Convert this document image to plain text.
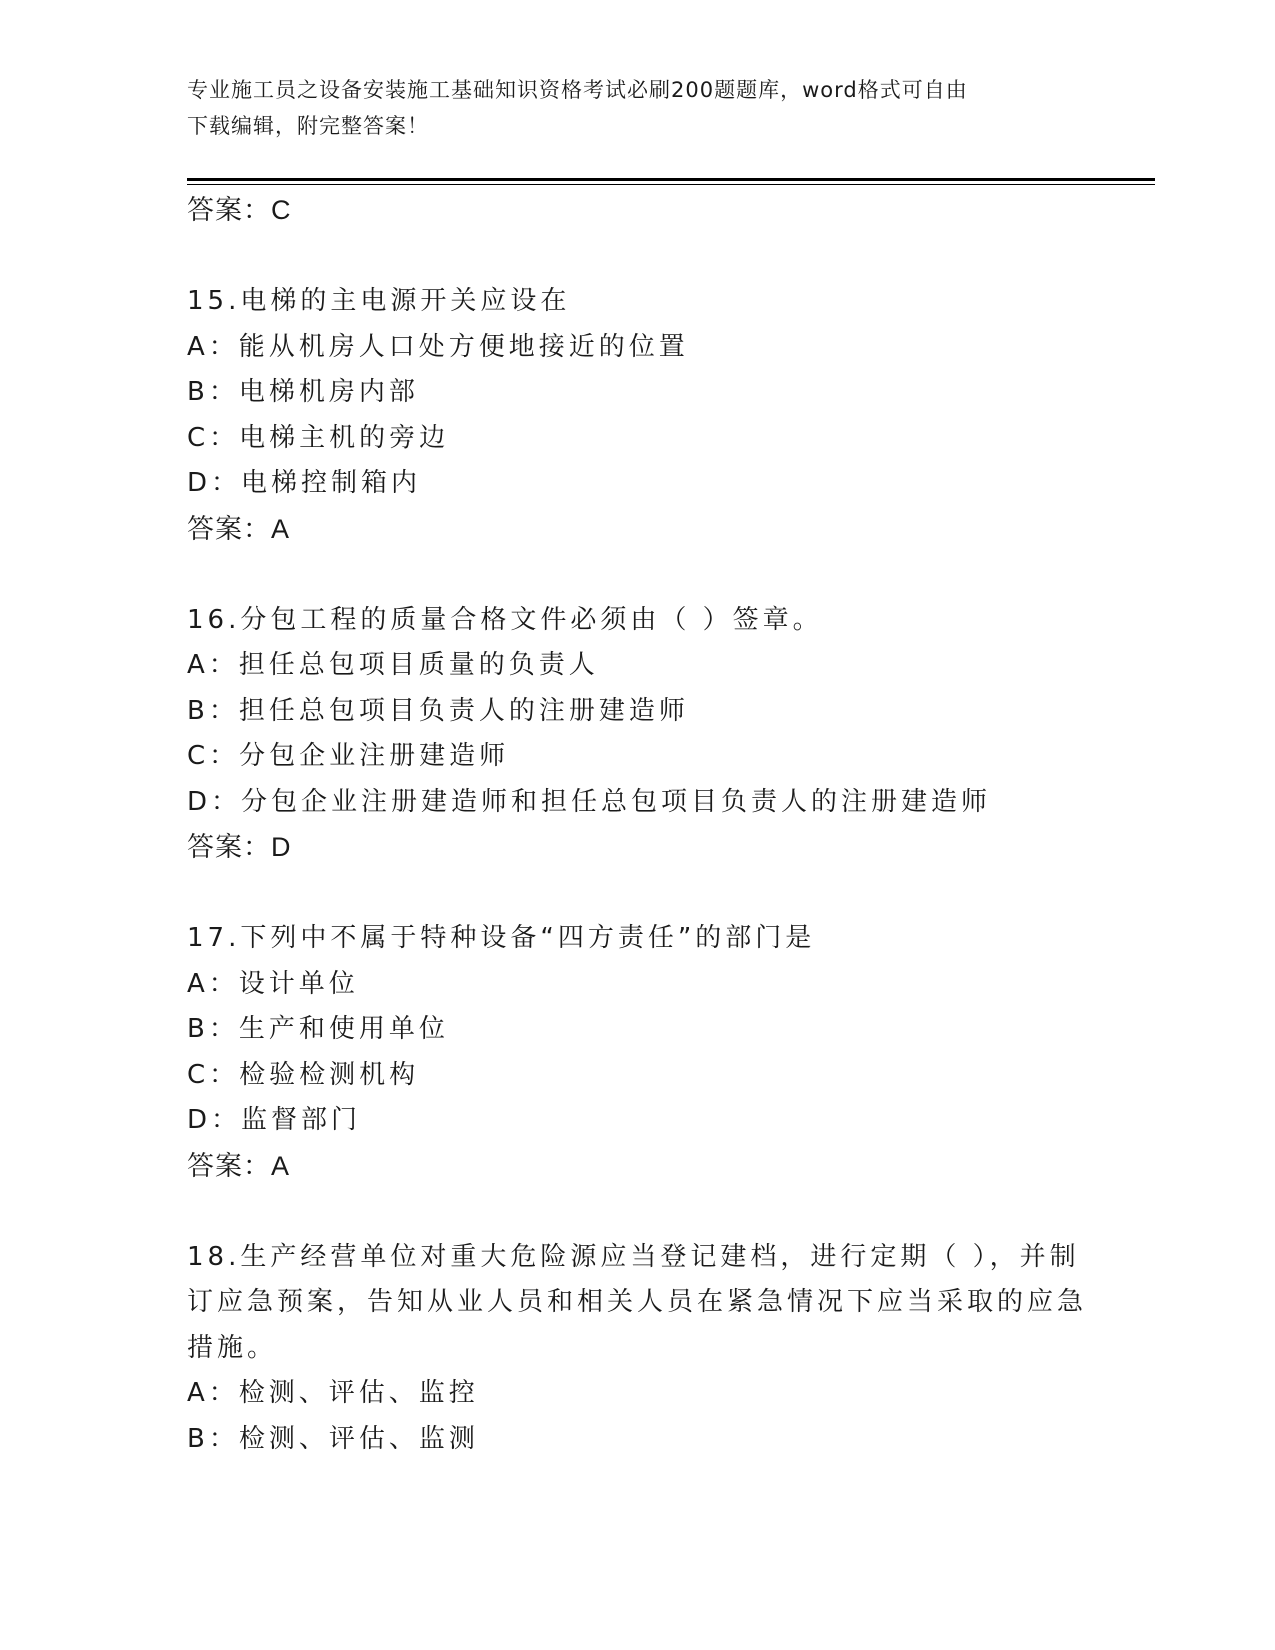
专业施工员之设备安装施工基础知识资格考试必刷200题题库，word格式可自由
下载编辑，附完整答案！
答案：C
15.电梯的主电源开关应设在
A：能从机房人口处方便地接近的位置
B：电梯机房内部
C：电梯主机的旁边
D：电梯控制箱内
答案：A
16.分包工程的质量合格文件必须由（ ）签章。
A：担任总包项目质量的负责人
B：担任总包项目负责人的注册建造师
C：分包企业注册建造师
D：分包企业注册建造师和担任总包项目负责人的注册建造师
答案：D
17.下列中不属于特种设备“四方责任”的部门是
A：设计单位
B：生产和使用单位
C：检验检测机构
D：监督部门
答案：A
18.生产经营单位对重大危险源应当登记建档，进行定期（ ），并制
订应急预案，告知从业人员和相关人员在紧急情况下应当采取的应急
措施。
A：检测、评估、监控
B：检测、评估、监测
